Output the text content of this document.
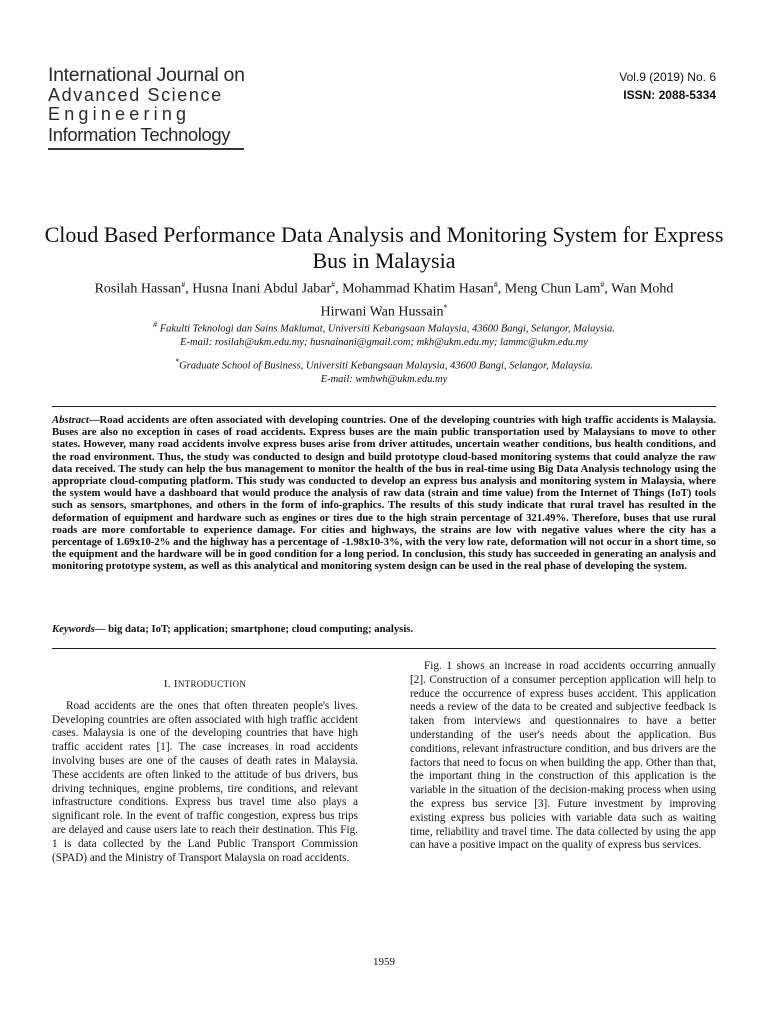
International Journal on
Advanced Science
Engineering
Information Technology
Vol.9 (2019) No. 6
ISSN: 2088-5334
Cloud Based Performance Data Analysis and Monitoring System for Express Bus in Malaysia
Rosilah Hassan#, Husna Inani Abdul Jabar#, Mohammad Khatim Hasan#, Meng Chun Lam#, Wan Mohd
Hirwani Wan Hussain*
# Fakulti Teknologi dan Sains Maklumat, Universiti Kebangsaan Malaysia, 43600 Bangi, Selangor, Malaysia.
E-mail: rosilah@ukm.edu.my; husnainani@gmail.com; mkh@ukm.edu.my; lammc@ukm.edu.my
*Graduate School of Business, Universiti Kebangsaan Malaysia, 43600 Bangi, Selangor, Malaysia.
E-mail: wmhwh@ukm.edu.my
Abstract—Road accidents are often associated with developing countries. One of the developing countries with high traffic accidents is Malaysia. Buses are also no exception in cases of road accidents. Express buses are the main public transportation used by Malaysians to move to other states. However, many road accidents involve express buses arise from driver attitudes, uncertain weather conditions, bus health conditions, and the road environment. Thus, the study was conducted to design and build prototype cloud-based monitoring systems that could analyze the raw data received. The study can help the bus management to monitor the health of the bus in real-time using Big Data Analysis technology using the appropriate cloud-computing platform. This study was conducted to develop an express bus analysis and monitoring system in Malaysia, where the system would have a dashboard that would produce the analysis of raw data (strain and time value) from the Internet of Things (IoT) tools such as sensors, smartphones, and others in the form of info-graphics. The results of this study indicate that rural travel has resulted in the deformation of equipment and hardware such as engines or tires due to the high strain percentage of 321.49%. Therefore, buses that use rural roads are more comfortable to experience damage. For cities and highways, the strains are low with negative values where the city has a percentage of 1.69x10-2% and the highway has a percentage of -1.98x10-3%, with the very low rate, deformation will not occur in a short time, so the equipment and the hardware will be in good condition for a long period. In conclusion, this study has succeeded in generating an analysis and monitoring prototype system, as well as this analytical and monitoring system design can be used in the real phase of developing the system.
Keywords— big data; IoT; application; smartphone; cloud computing; analysis.
I. INTRODUCTION

Road accidents are the ones that often threaten people's lives. Developing countries are often associated with high traffic accident cases. Malaysia is one of the developing countries that have high traffic accident rates [1]. The case increases in road accidents involving buses are one of the causes of death rates in Malaysia. These accidents are often linked to the attitude of bus drivers, bus driving techniques, engine problems, tire conditions, and relevant infrastructure conditions. Express bus travel time also plays a significant role. In the event of traffic congestion, express bus trips are delayed and cause users late to reach their destination. This Fig. 1 is data collected by the Land Public Transport Commission (SPAD) and the Ministry of Transport Malaysia on road accidents.

Fig. 1 shows an increase in road accidents occurring annually [2]. Construction of a consumer perception application will help to reduce the occurrence of express buses accident. This application needs a review of the data to be created and subjective feedback is taken from interviews and questionnaires to have a better understanding of the user's needs about the application. Bus conditions, relevant infrastructure condition, and bus drivers are the factors that need to focus on when building the app. Other than that, the important thing in the construction of this application is the variable in the situation of the decision-making process when using the express bus service [3]. Future investment by improving existing express bus policies with variable data such as waiting time, reliability and travel time. The data collected by using the app can have a positive impact on the quality of express bus services.

1959
